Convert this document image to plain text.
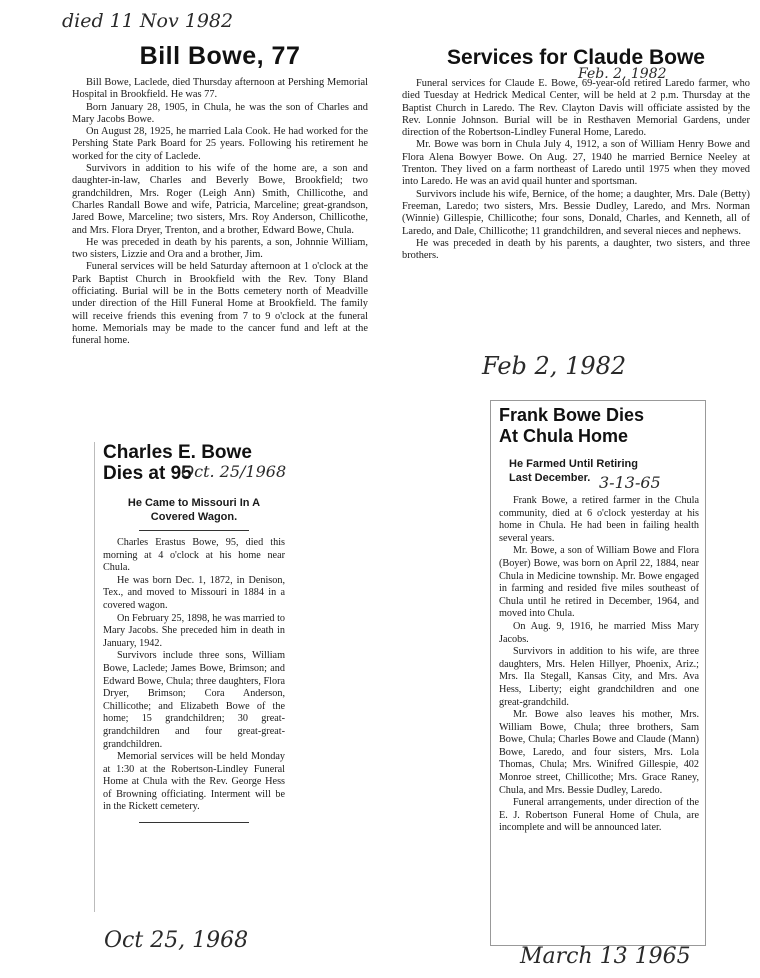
died 11 Nov 1982
Bill Bowe, 77

Bill Bowe, Laclede, died Thursday afternoon at Pershing Memorial Hospital in Brookfield. He was 77.

Born January 28, 1905, in Chula, he was the son of Charles and Mary Jacobs Bowe.

On August 28, 1925, he married Lala Cook. He had worked for the Pershing State Park Board for 25 years. Following his retirement he worked for the city of Laclede.

Survivors in addition to his wife of the home are, a son and daughter-in-law, Charles and Beverly Bowe, Brookfield; two grandchildren, Mrs. Roger (Leigh Ann) Smith, Chillicothe, and Charles Randall Bowe and wife, Patricia, Marceline; great-grandson, Jared Bowe, Marceline; two sisters, Mrs. Roy Anderson, Chillicothe, and Mrs. Flora Dryer, Trenton, and a brother, Edward Bowe, Chula.

He was preceded in death by his parents, a son, Johnnie William, two sisters, Lizzie and Ora and a brother, Jim.

Funeral services will be held Saturday afternoon at 1 o'clock at the Park Baptist Church in Brookfield with the Rev. Tony Bland officiating. Burial will be in the Botts cemetery north of Meadville under direction of the Hill Funeral Home at Brookfield. The family will receive friends this evening from 7 to 9 o'clock at the funeral home. Memorials may be made to the cancer fund and left at the funeral home.

Services for Claude Bowe
Feb. 2, 1982

Funeral services for Claude E. Bowe, 69-year-old retired Laredo farmer, who died Tuesday at Hedrick Medical Center, will be held at 2 p.m. Thursday at the Baptist Church in Laredo. The Rev. Clayton Davis will officiate assisted by the Rev. Lonnie Johnson. Burial will be in Resthaven Memorial Gardens, under direction of the Robertson-Lindley Funeral Home, Laredo.

Mr. Bowe was born in Chula July 4, 1912, a son of William Henry Bowe and Flora Alena Bowyer Bowe. On Aug. 27, 1940 he married Bernice Neeley at Trenton. They lived on a farm northeast of Laredo until 1975 when they moved into Laredo. He was an avid quail hunter and sportsman.

Survivors include his wife, Bernice, of the home; a daughter, Mrs. Dale (Betty) Freeman, Laredo; two sisters, Mrs. Bessie Dudley, Laredo, and Mrs. Norman (Winnie) Gillespie, Chillicothe; four sons, Donald, Charles, and Kenneth, all of Laredo, and Dale, Chillicothe; 11 grandchildren, and several nieces and nephews.

He was preceded in death by his parents, a daughter, two sisters, and three brothers.

Feb 2, 1982
Charles E. Bowe
Dies at 95
Oct. 25/1968

He Came to Missouri In A Covered Wagon.

Charles Erastus Bowe, 95, died this morning at 4 o'clock at his home near Chula.

He was born Dec. 1, 1872, in Denison, Tex., and moved to Missouri in 1884 in a covered wagon.

On February 25, 1898, he was married to Mary Jacobs. She preceded him in death in January, 1942.

Survivors include three sons, William Bowe, Laclede; James Bowe, Brimson; and Edward Bowe, Chula; three daughters, Flora Dryer, Brimson; Cora Anderson, Chillicothe; and Elizabeth Bowe of the home; 15 grandchildren; 30 great-grandchildren and four great-great-grandchildren.

Memorial services will be held Monday at 1:30 at the Robertson-Lindley Funeral Home at Chula with the Rev. George Hess of Browning officiating. Interment will be in the Rickett cemetery.

Oct 25, 1968
Frank Bowe Dies
At Chula Home

He Farmed Until Retiring

Last December. 3-13-65

Frank Bowe, a retired farmer in the Chula community, died at 6 o'clock yesterday at his home in Chula. He had been in failing health several years.

Mr. Bowe, a son of William Bowe and Flora (Boyer) Bowe, was born on April 22, 1884, near Chula in Medicine township. Mr. Bowe engaged in farming and resided five miles southeast of Chula until he retired in December, 1964, and moved into Chula.

On Aug. 9, 1916, he married Miss Mary Jacobs.

Survivors in addition to his wife, are three daughters, Mrs. Helen Hillyer, Phoenix, Ariz.; Mrs. Ila Stegall, Kansas City, and Mrs. Ava Hess, Liberty; eight grandchildren and one great-grandchild.

Mr. Bowe also leaves his mother, Mrs. William Bowe, Chula; three brothers, Sam Bowe, Chula; Charles Bowe and Claude (Mann) Bowe, Laredo, and four sisters, Mrs. Lola Thomas, Chula; Mrs. Winifred Gillespie, 402 Monroe street, Chillicothe; Mrs. Grace Raney, Chula, and Mrs. Bessie Dudley, Laredo.

Funeral arrangements, under direction of the E. J. Robertson Funeral Home of Chula, are incomplete and will be announced later.

March 13 1965
